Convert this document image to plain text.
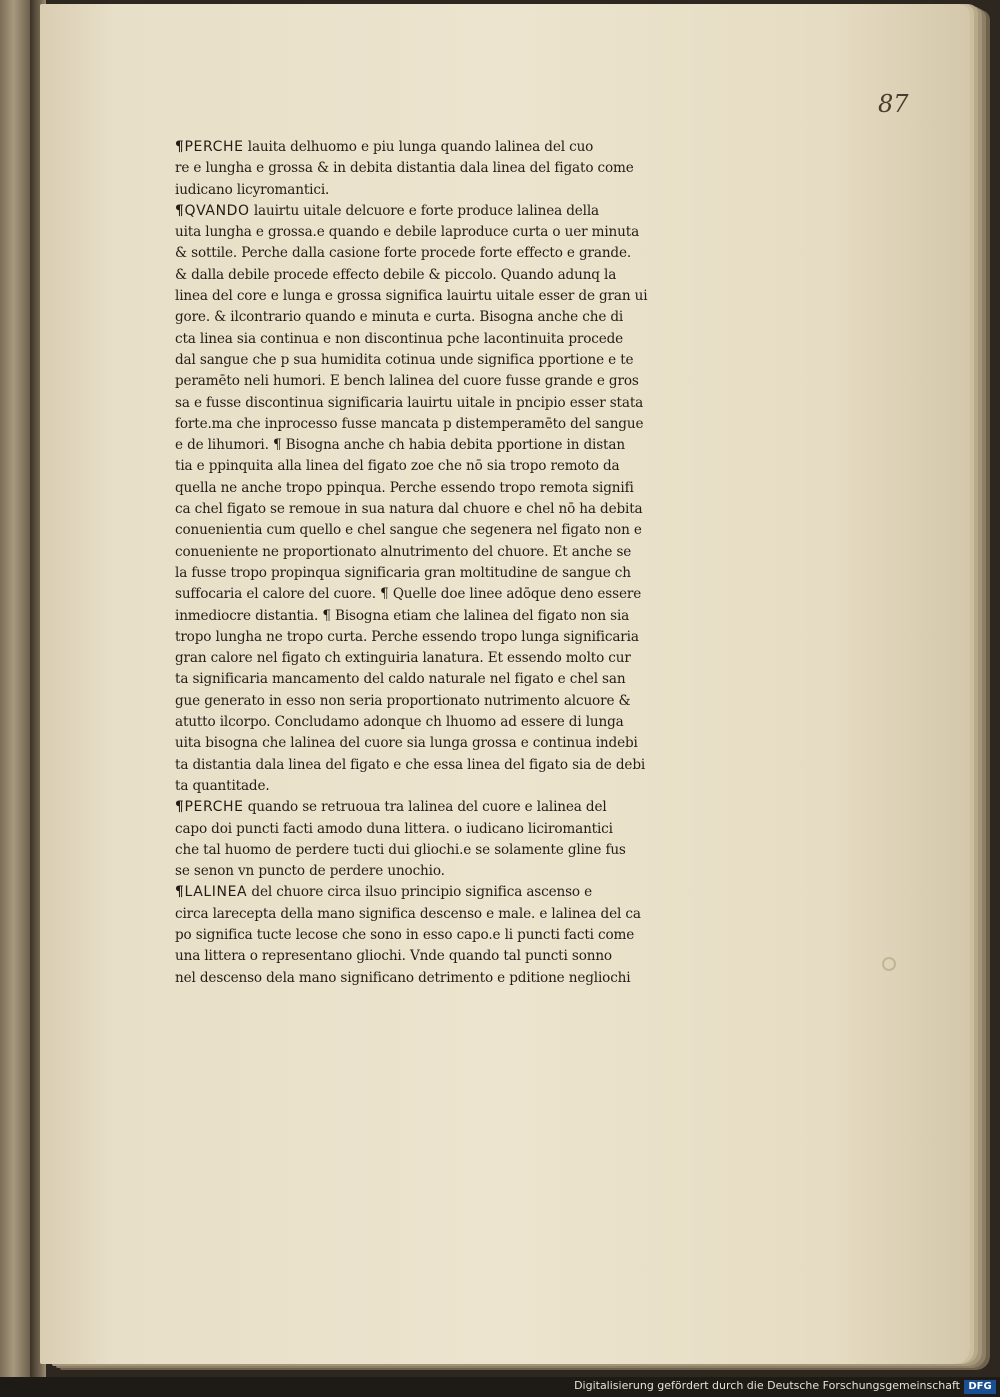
87
¶PERCHE lauita delhuomo e piu lunga quando lalinea del cuo
re e lungha e grossa & in debita distantia dala linea del figato come
iudicano licyromantici.
¶QVANDO lauirtu uitale delcuore e forte produce lalinea della
uita lungha e grossa.e quando e debile laproduce curta o uer minuta
& sottile. Perche dalla casione forte procede forte effecto e grande.
& dalla debile procede effecto debile & piccolo. Quando adunq la
linea del core e lunga e grossa significa lauirtu uitale esser de gran ui
gore. & ilcontrario quando e minuta e curta. Bisogna anche che di
cta linea sia continua e non discontinua pche lacontinuita procede
dal sangue che p sua humidita cotinua unde significa pportione e te
peramēto neli humori. E bench lalinea del cuore fusse grande e gros
sa e fusse discontinua significaria lauirtu uitale in pncipio esser stata
forte.ma che inprocesso fusse mancata p distemperamēto del sangue
e de lihumori. ¶ Bisogna anche ch habia debita pportione in distan
tia e ppinquita alla linea del figato zoe che nō sia tropo remoto da
quella ne anche tropo ppinqua. Perche essendo tropo remota signifi
ca chel figato se remoue in sua natura dal chuore e chel nō ha debita
conuenientia cum quello e chel sangue che segenera nel figato non e
conueniente ne proportionato alnutrimento del chuore. Et anche se
la fusse tropo propinqua significaria gran moltitudine de sangue ch
suffocaria el calore del cuore. ¶ Quelle doe linee adōque deno essere
inmediocre distantia. ¶ Bisogna etiam che lalinea del figato non sia
tropo lungha ne tropo curta. Perche essendo tropo lunga significaria
gran calore nel figato ch extinguiria lanatura. Et essendo molto cur
ta significaria mancamento del caldo naturale nel figato e chel san
gue generato in esso non seria proportionato nutrimento alcuore &
atutto ilcorpo. Concludamo adonque ch lhuomo ad essere di lunga
uita bisogna che lalinea del cuore sia lunga grossa e continua indebi
ta distantia dala linea del figato e che essa linea del figato sia de debi
ta quantitade.
¶PERCHE quando se retruoua tra lalinea del cuore e lalinea del
capo doi puncti facti amodo duna littera. o iudicano liciromantici
che tal huomo de perdere tucti dui gliochi.e se solamente gline fus
se senon vn puncto de perdere unochio.
¶LALINEA del chuore circa ilsuo principio significa ascenso e
circa larecepta della mano significa descenso e male. e lalinea del ca
po significa tucte lecose che sono in esso capo.e li puncti facti come
una littera o representano gliochi. Vnde quando tal puncti sonno
nel descenso dela mano significano detrimento e pditione negliochi
Digitalisierung gefördert durch die Deutsche Forschungsgemeinschaft DFG
